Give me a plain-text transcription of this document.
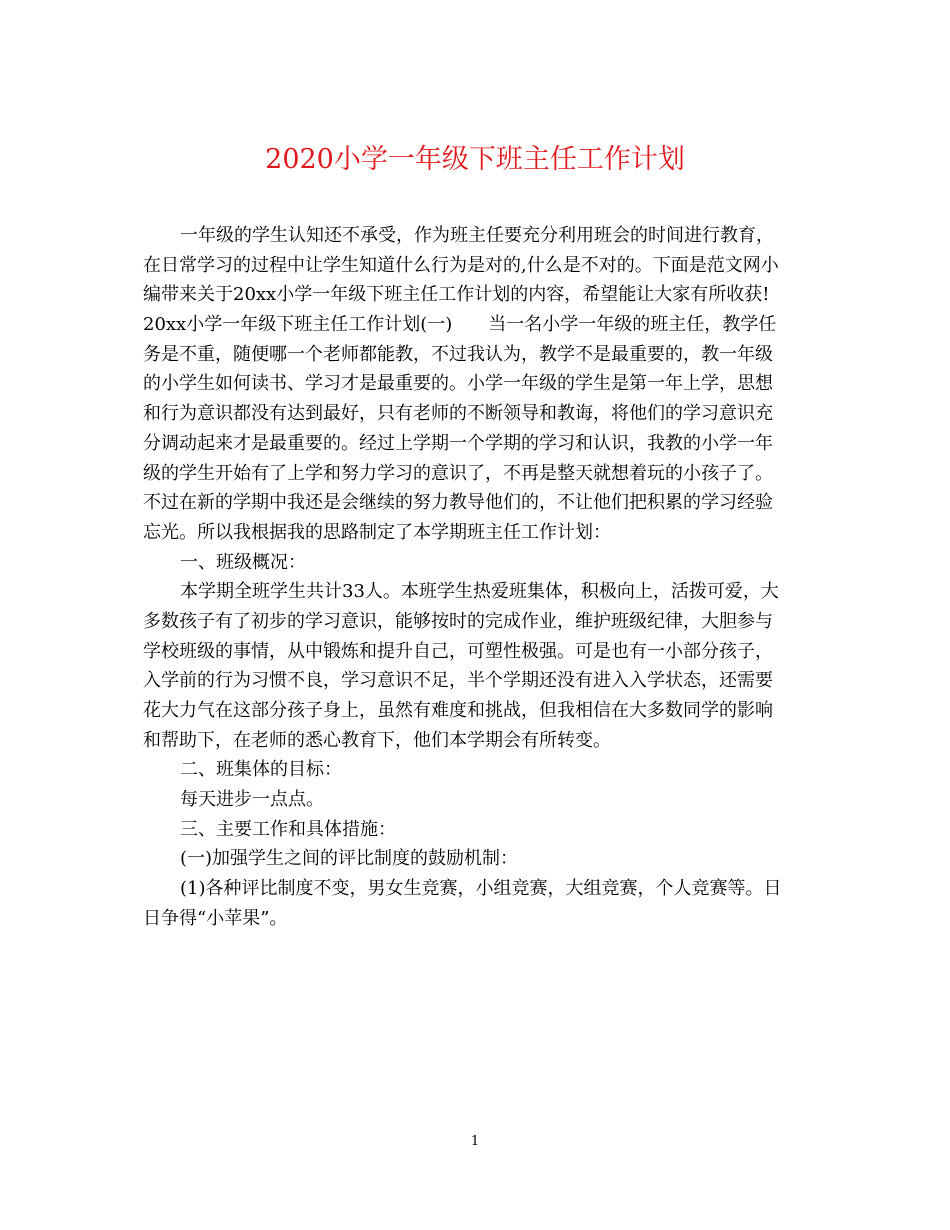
2020小学一年级下班主任工作计划
一年级的学生认知还不承受，作为班主任要充分利用班会的时间进行教育，
在日常学习的过程中让学生知道什么行为是对的,什么是不对的。下面是范文网小
编带来关于20xx小学一年级下班主任工作计划的内容，希望能让大家有所收获!
20xx小学一年级下班主任工作计划(一)　　当一名小学一年级的班主任，教学任
务是不重，随便哪一个老师都能教，不过我认为，教学不是最重要的，教一年级
的小学生如何读书、学习才是最重要的。小学一年级的学生是第一年上学，思想
和行为意识都没有达到最好，只有老师的不断领导和教诲，将他们的学习意识充
分调动起来才是最重要的。经过上学期一个学期的学习和认识，我教的小学一年
级的学生开始有了上学和努力学习的意识了，不再是整天就想着玩的小孩子了。
不过在新的学期中我还是会继续的努力教导他们的，不让他们把积累的学习经验
忘光。所以我根据我的思路制定了本学期班主任工作计划：
一、班级概况：
本学期全班学生共计33人。本班学生热爱班集体，积极向上，活拨可爱，大
多数孩子有了初步的学习意识，能够按时的完成作业，维护班级纪律，大胆参与
学校班级的事情，从中锻炼和提升自己，可塑性极强。可是也有一小部分孩子，
入学前的行为习惯不良，学习意识不足，半个学期还没有进入入学状态，还需要
花大力气在这部分孩子身上，虽然有难度和挑战，但我相信在大多数同学的影响
和帮助下，在老师的悉心教育下，他们本学期会有所转变。
二、班集体的目标：
每天进步一点点。
三、主要工作和具体措施：
(一)加强学生之间的评比制度的鼓励机制：
(1)各种评比制度不变，男女生竞赛，小组竞赛，大组竞赛，个人竞赛等。日
日争得“小苹果”。
1
